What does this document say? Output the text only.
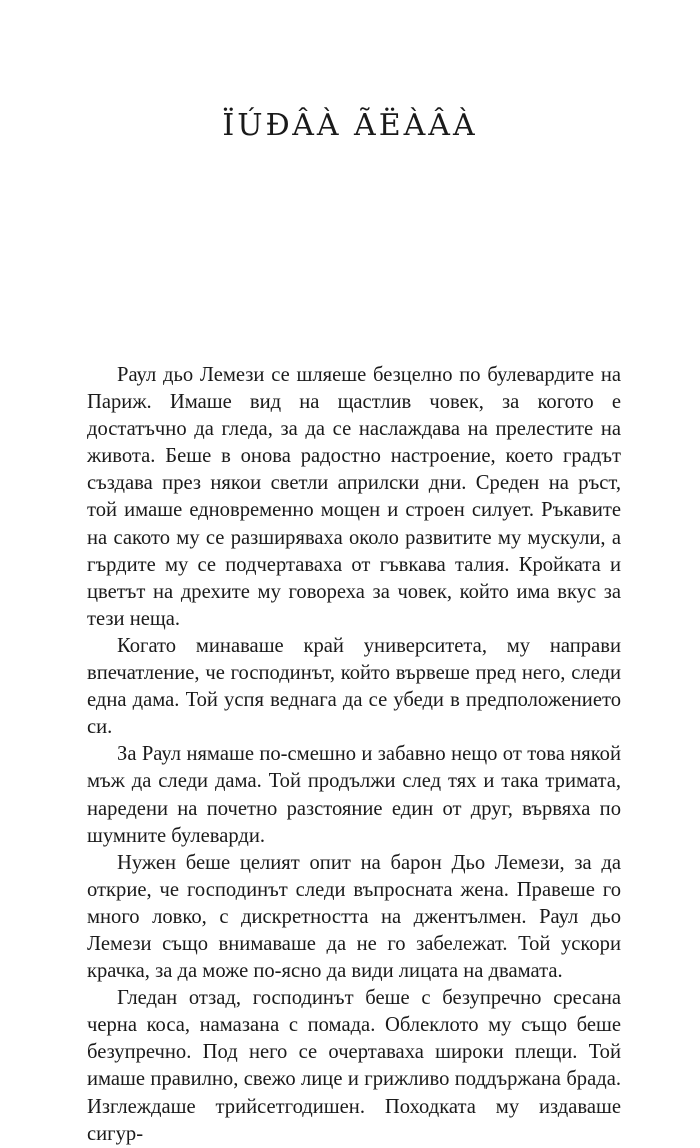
ÏÚÐÂÀ ÃËÀÂÀ

Раул дьо Лемези се шляеше безцелно по булевардите на Париж. Имаше вид на щастлив човек, за когото е достатъчно да гледа, за да се наслаждава на прелестите на живота. Беше в онова радостно настроение, което градът създава през някои светли априлски дни. Среден на ръст, той имаше едновременно мощен и строен силует. Ръкавите на сакото му се разширяваха около развитите му мускули, а гърдите му се подчертаваха от гъвкава талия. Кройката и цветът на дрехите му говореха за човек, който има вкус за тези неща.

Когато минаваше край университета, му направи впечатление, че господинът, който вървеше пред него, следи една дама. Той успя веднага да се убеди в предположението си.

За Раул нямаше по-смешно и забавно нещо от това някой мъж да следи дама. Той продължи след тях и така тримата, наредени на почетно разстояние един от друг, вървяха по шумните булеварди.

Нужен беше целият опит на барон Дьо Лемези, за да открие, че господинът следи въпросната жена. Правеше го много ловко, с дискретността на джентълмен. Раул дьо Лемези също внимаваше да не го забележат. Той ускори крачка, за да може по-ясно да види лицата на двамата.

Гледан отзад, господинът беше с безупречно сресана черна коса, намазана с помада. Облеклото му също беше безупречно. Под него се очертаваха широки плещи. Той имаше правилно, свежо лице и грижливо поддържана брада. Изглеждаше трийсетгодишен. Походката му издаваше сигур-
